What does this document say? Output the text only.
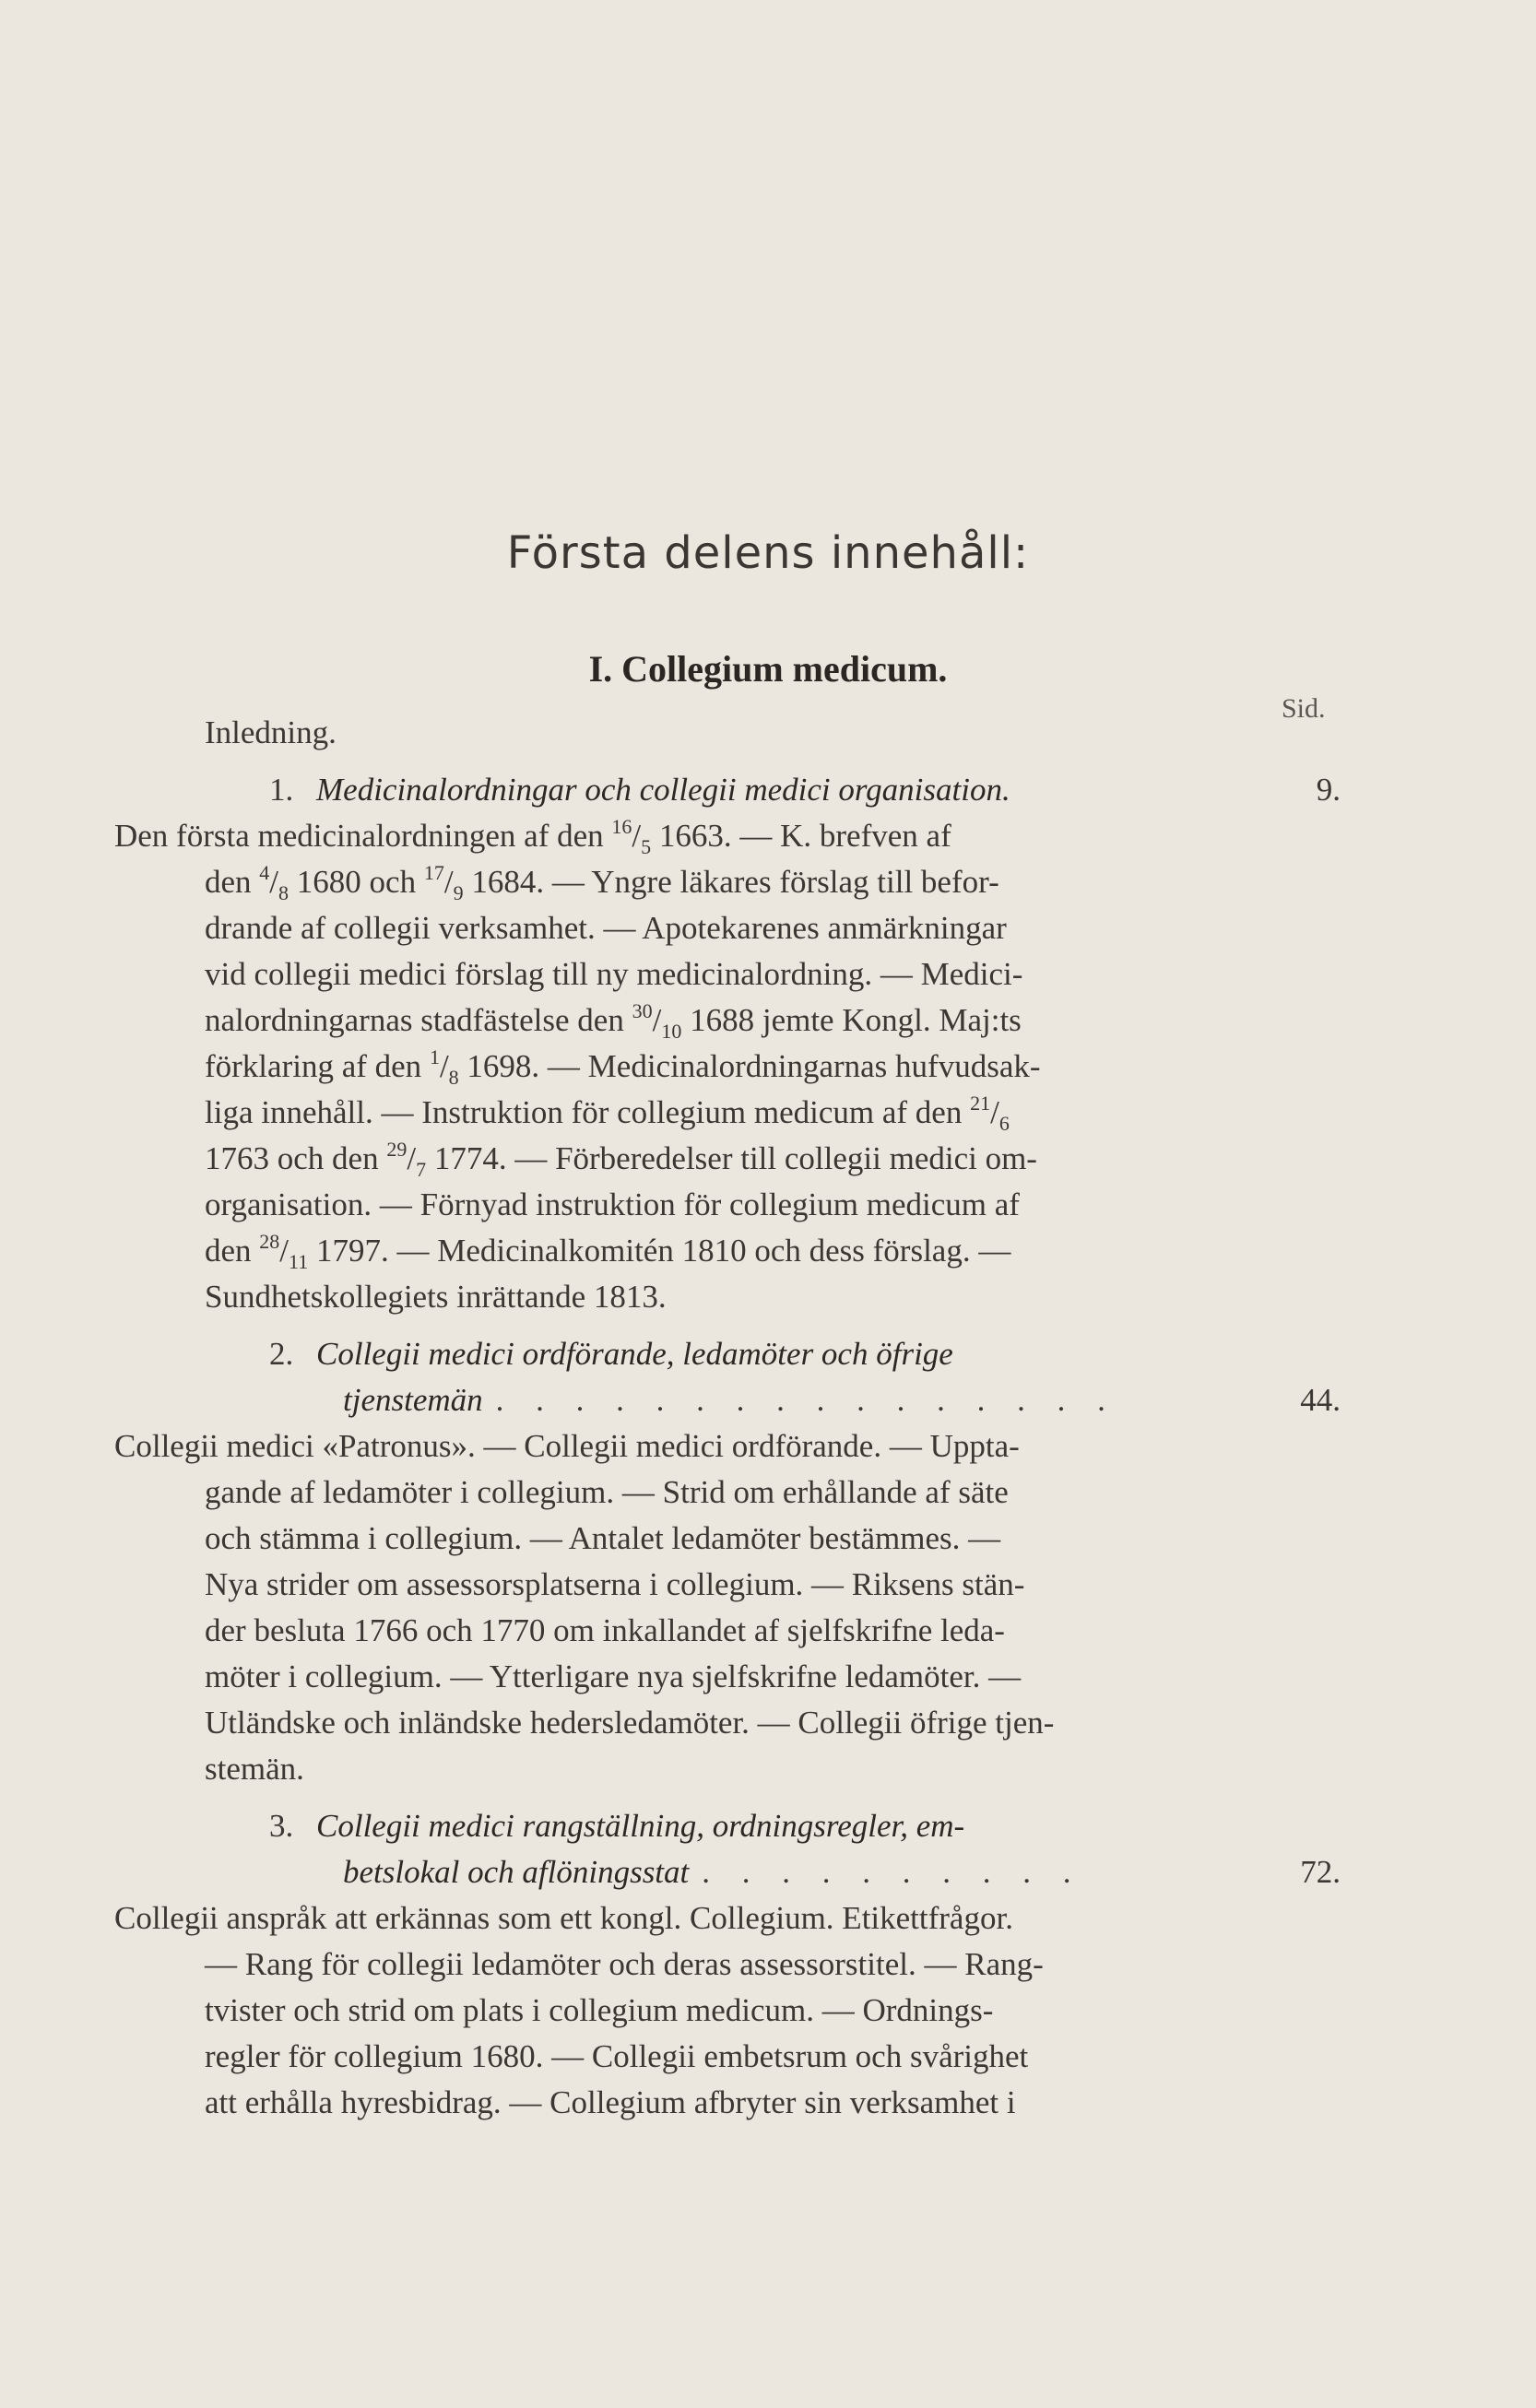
Första delens innehåll:
I. Collegium medicum.
Sid.
Inledning.
1. Medicinalordningar och collegii medici organisation.	9.
Den första medicinalordningen af den $^{16}/_5$ 1663. — K. brefven af
den $^4/_8$ 1680 och $^{17}/_9$ 1684. — Yngre läkares förslag till befor-
drande af collegii verksamhet. — Apotekarenes anmärkningar
vid collegii medici förslag till ny medicinalordning. — Medici-
nalordningarnas stadfästelse den $^{30}/_{10}$ 1688 jemte Kongl. Maj:ts
förklaring af den $^1/_8$ 1698. — Medicinalordningarnas hufvudsak-
liga innehåll. — Instruktion för collegium medicum af den $^{21}/_6$
1763 och den $^{29}/_7$ 1774. — Förberedelser till collegii medici om-
organisation. — Förnyad instruktion för collegium medicum af
den $^{28}/_{11}$ 1797. — Medicinalkomitén 1810 och dess förslag. —
Sundhetskollegiets inrättande 1813.
2. Collegii medici ordförande, ledamöter och öfrige
tjenstemän . . . . . . . . . . . . . . . .	44.
Collegii medici «Patronus». — Collegii medici ordförande. — Uppta-
gande af ledamöter i collegium. — Strid om erhållande af säte
och stämma i collegium. — Antalet ledamöter bestämmes. —
Nya strider om assessorsplatserna i collegium. — Riksens stän-
der besluta 1766 och 1770 om inkallandet af sjelfskrifne leda-
möter i collegium. — Ytterligare nya sjelfskrifne ledamöter. —
Utländske och inländske hedersledamöter. — Collegii öfrige tjen-
stemän.
3. Collegii medici rangställning, ordningsregler, em-
betslokal och aflöningsstat . . . . . . . . . .	72.
Collegii anspråk att erkännas som ett kongl. Collegium. Etikettfrågor.
— Rang för collegii ledamöter och deras assessorstitel. — Rang-
tvister och strid om plats i collegium medicum. — Ordnings-
regler för collegium 1680. — Collegii embetsrum och svårighet
att erhålla hyresbidrag. — Collegium afbryter sin verksamhet i
